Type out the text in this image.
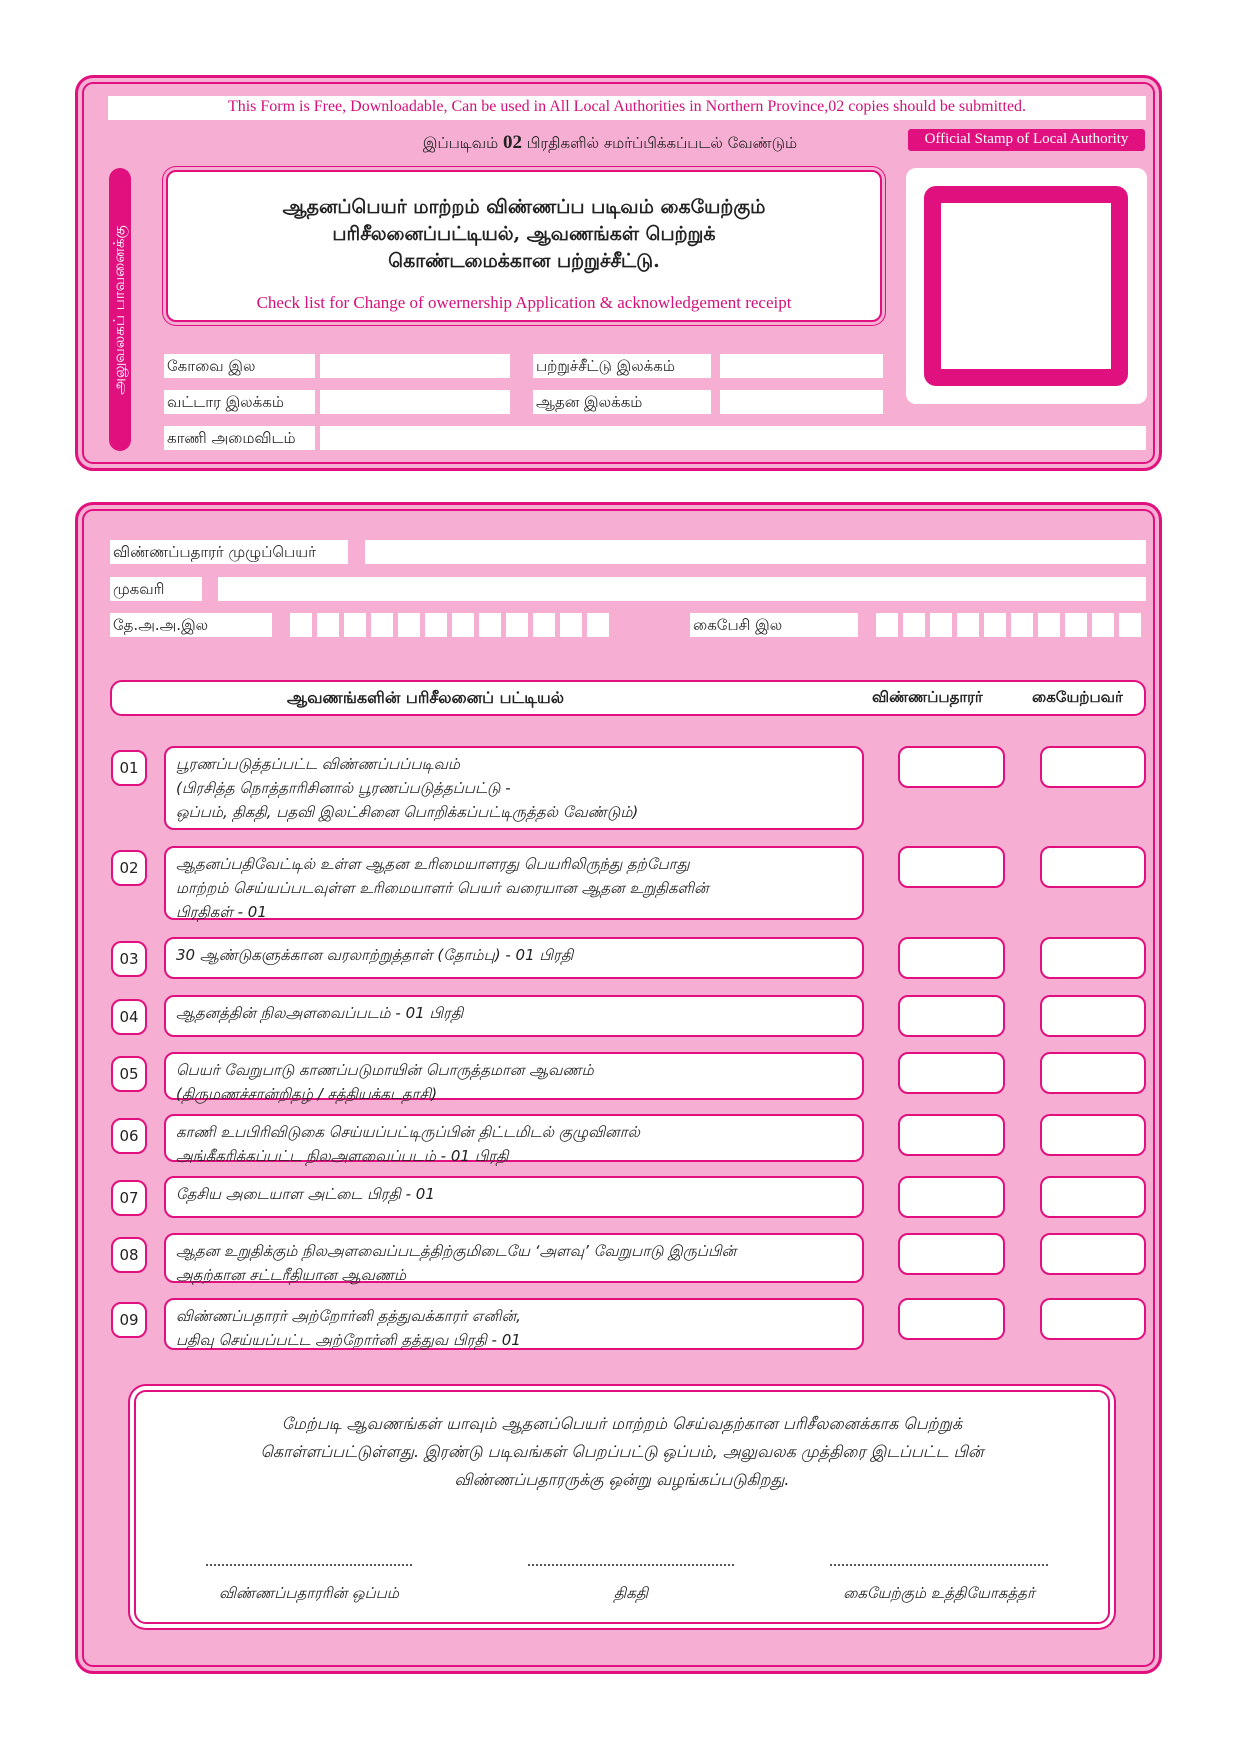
This Form is Free, Downloadable, Can be used in All Local Authorities in Northern Province,02 copies should be submitted.
இப்படிவம் 02 பிரதிகளில் சமர்ப்பிக்கப்படல் வேண்டும்	Official Stamp of Local Authority
அலுவலகப் பாவனைக்கு
ஆதனப்பெயர் மாற்றம் விண்ணப்ப படிவம் கையேற்கும்
பரிசீலனைப்பட்டியல், ஆவணங்கள் பெற்றுக்
கொண்டமைக்கான பற்றுச்சீட்டு.
Check list for Change of owernership Application & acknowledgement receipt
கோவை இல	பற்றுச்சீட்டு இலக்கம்
வட்டார இலக்கம்	ஆதன இலக்கம்
காணி அமைவிடம்
விண்ணப்பதாரர் முழுப்பெயர்
முகவரி
தே.அ.அ.இல	கைபேசி இல
ஆவணங்களின் பரிசீலனைப் பட்டியல்	விண்ணப்பதாரர்	கையேற்பவர்
01	பூரணப்படுத்தப்பட்ட விண்ணப்பப்படிவம்
(பிரசித்த நொத்தாரிசினால் பூரணப்படுத்தப்பட்டு -
ஒப்பம், திகதி, பதவி இலட்சினை பொறிக்கப்பட்டிருத்தல் வேண்டும்)
02	ஆதனப்பதிவேட்டில் உள்ள ஆதன உரிமையாளரது பெயரிலிருந்து தற்போது
மாற்றம் செய்யப்படவுள்ள உரிமையாளர் பெயர் வரையான ஆதன உறுதிகளின்
பிரதிகள் - 01
03	30 ஆண்டுகளுக்கான வரலாற்றுத்தாள் (தோம்பு) - 01 பிரதி
04	ஆதனத்தின் நிலஅளவைப்படம் - 01 பிரதி
05	பெயர் வேறுபாடு காணப்படுமாயின் பொருத்தமான ஆவணம்
(திருமணச்சான்றிதழ் / சத்தியக்கடதாசி)
06	காணி உபபிரிவிடுகை செய்யப்பட்டிருப்பின் திட்டமிடல் குழுவினால்
அங்கீகரிக்கப்பட்ட நிலஅளவைப்படம் - 01 பிரதி
07	தேசிய அடையாள அட்டை பிரதி - 01
08	ஆதன உறுதிக்கும் நிலஅளவைப்படத்திற்குமிடையே ‘அளவு’ வேறுபாடு இருப்பின்
அதற்கான சட்டரீதியான ஆவணம்
09	விண்ணப்பதாரர் அற்றோர்னி தத்துவக்காரர் எனின்,
பதிவு செய்யப்பட்ட அற்றோர்னி தத்துவ பிரதி - 01
மேற்படி ஆவணங்கள் யாவும் ஆதனப்பெயர் மாற்றம் செய்வதற்கான பரிசீலனைக்காக பெற்றுக்
கொள்ளப்பட்டுள்ளது. இரண்டு படிவங்கள் பெறப்பட்டு ஒப்பம், அலுவலக முத்திரை இடப்பட்ட பின்
விண்ணப்பதாரருக்கு ஒன்று வழங்கப்படுகிறது.
விண்ணப்பதாரரின் ஒப்பம்	திகதி	கையேற்கும் உத்தியோகத்தர்
